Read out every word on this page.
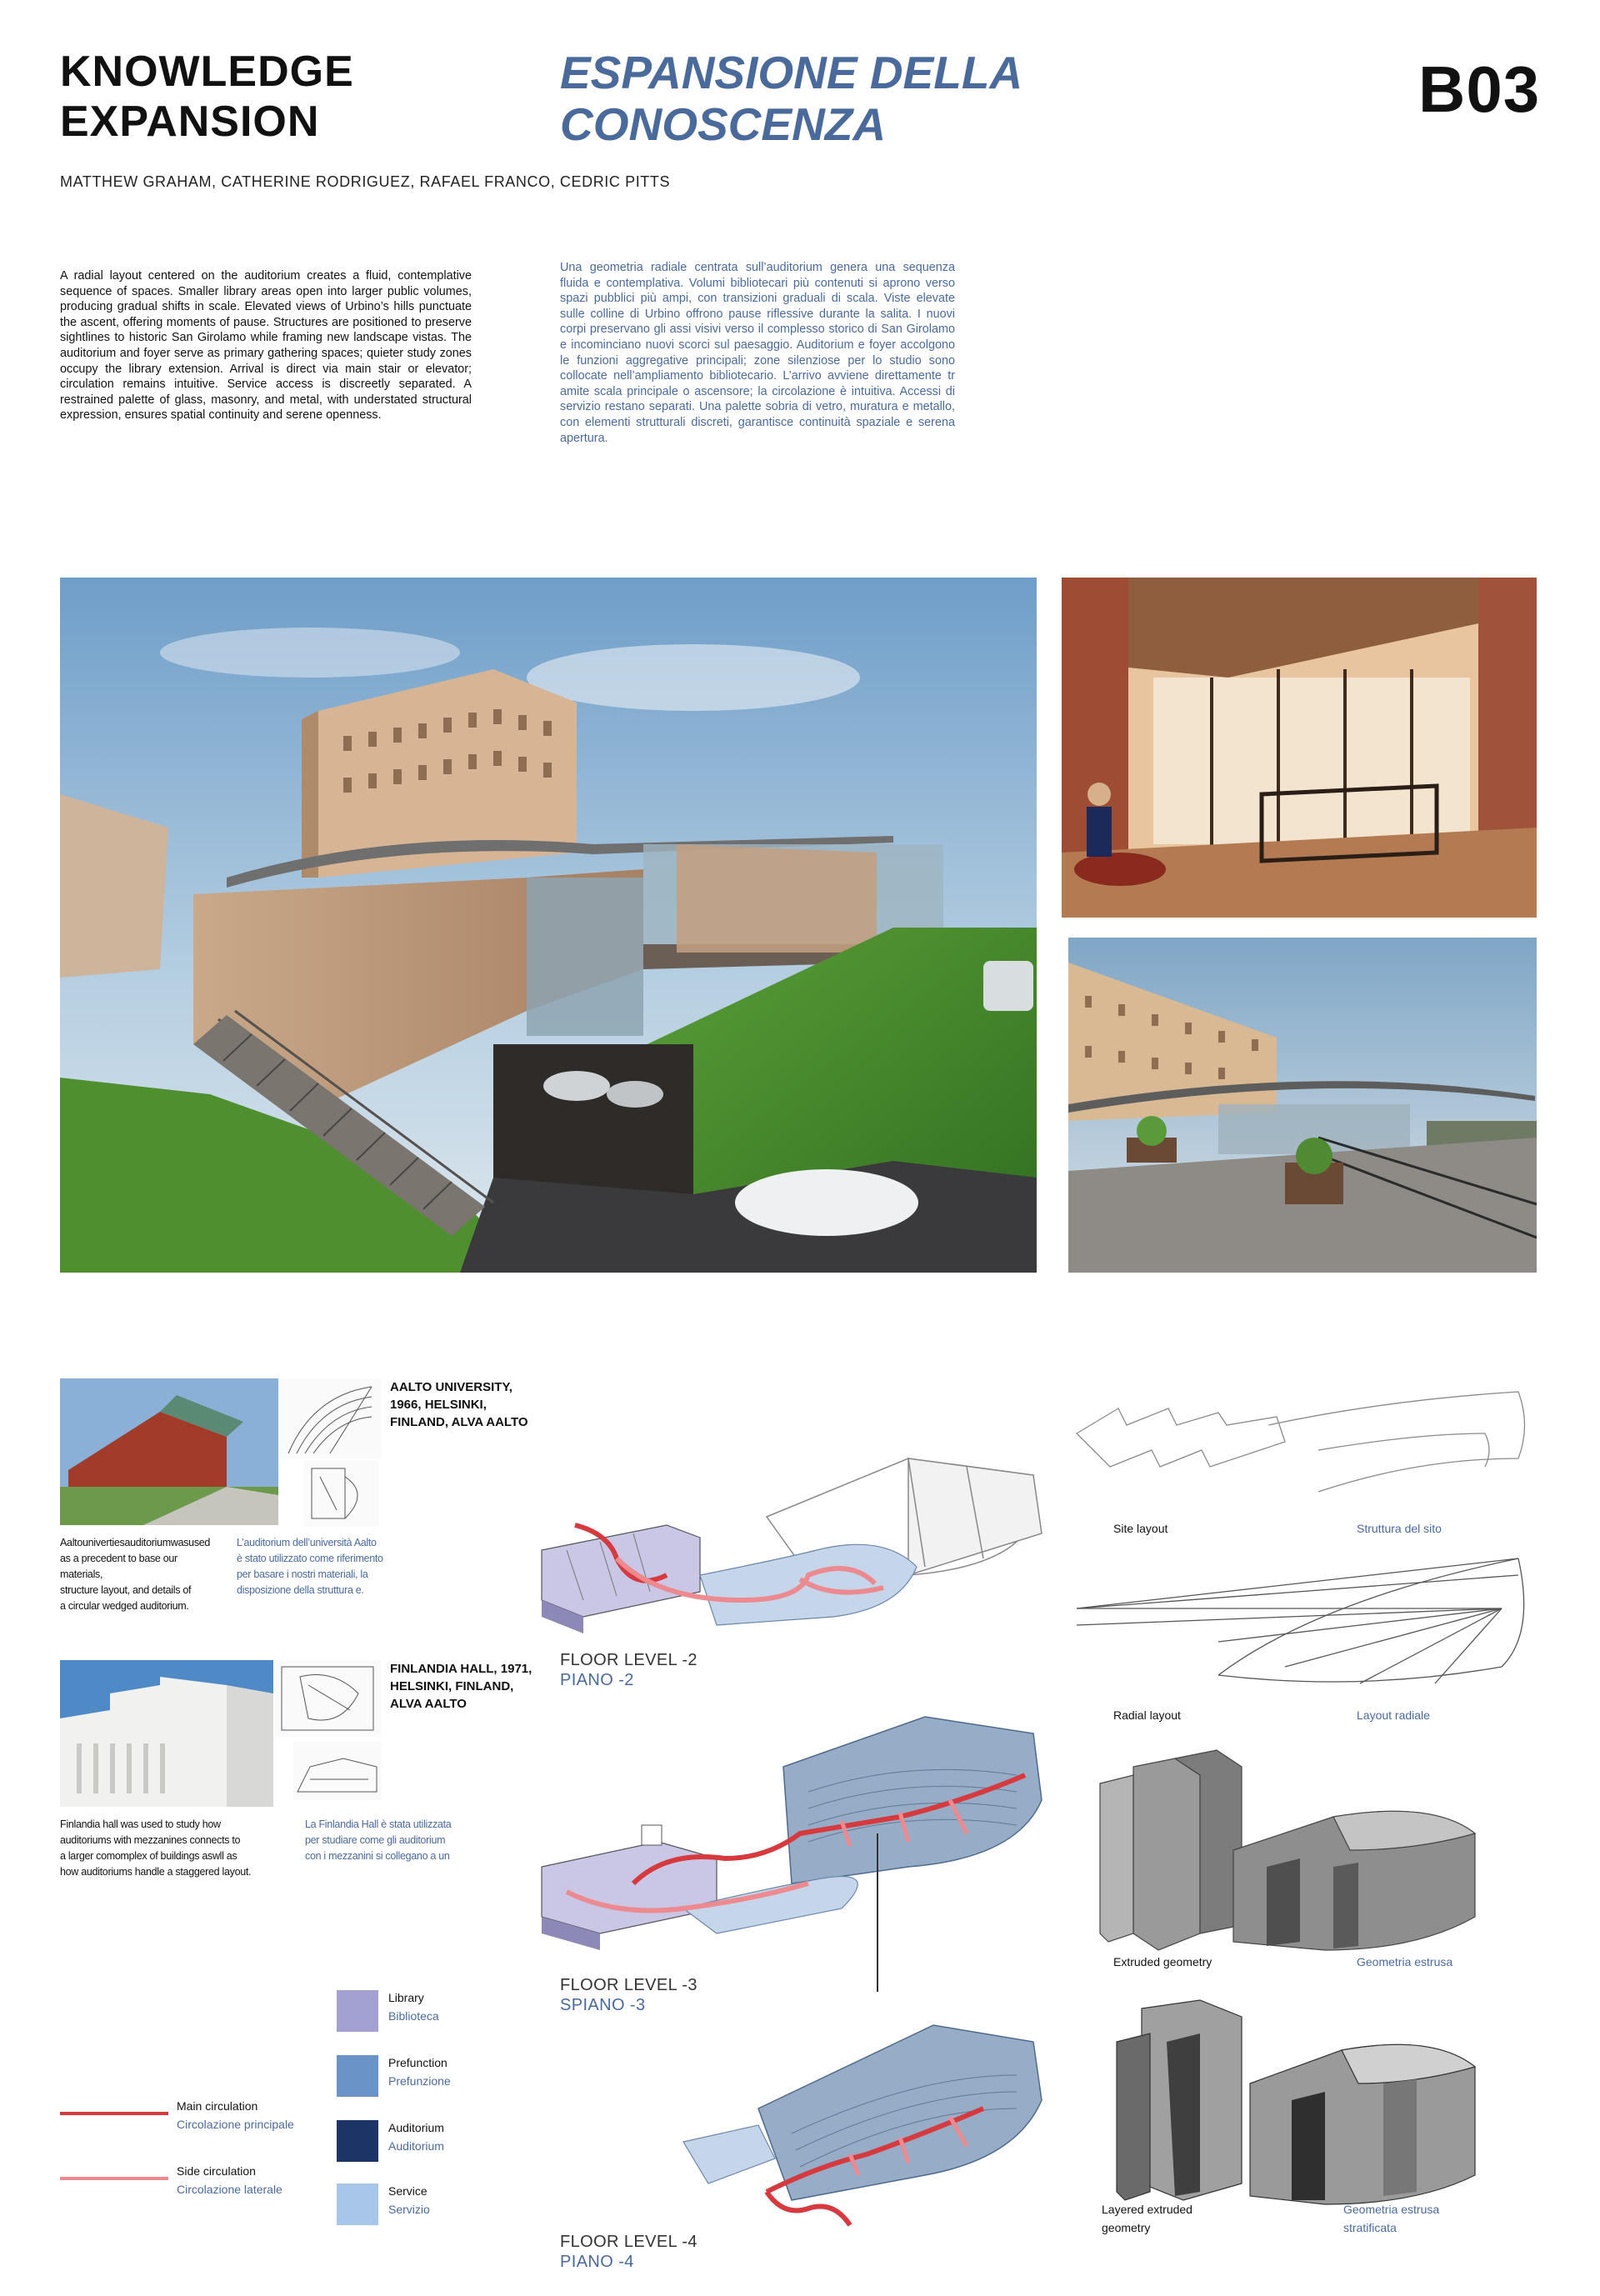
KNOWLEDGE
EXPANSION
ESPANSIONE DELLA
CONOSCENZA	B03
MATTHEW GRAHAM, CATHERINE RODRIGUEZ, RAFAEL FRANCO, CEDRIC PITTS
A radial layout centered on the auditorium creates a fluid, contemplative sequence of spaces. Smaller library areas open into larger public volumes, producing gradual shifts in scale. Elevated views of Urbino’s hills punctuate the ascent, offering moments of pause. Structures are positioned to preserve sightlines to historic San Girolamo while framing new landscape vistas. The auditorium and foyer serve as primary gathering spaces; quieter study zones occupy the library extension. Arrival is direct via main stair or elevator; circulation remains intuitive. Service access is discreetly separated. A restrained palette of glass, masonry, and metal, with understated structural expression, ensures spatial continuity and serene openness.
Una geometria radiale centrata sull’auditorium genera una sequenza fluida e contemplativa. Volumi bibliotecari più contenuti si aprono verso spazi pubblici più ampi, con transizioni graduali di scala. Viste elevate sulle colline di Urbino offrono pause riflessive durante la salita. I nuovi corpi preservano gli assi visivi verso il complesso storico di San Girolamo e incominciano nuovi scorci sul paesaggio. Auditorium e foyer accolgono le funzioni aggregative principali; zone silenziose per lo studio sono collocate nell’ampliamento bibliotecario. L’arrivo avviene direttamente tr amite scala principale o ascensore; la circolazione è intuitiva. Accessi di servizio restano separati. Una palette sobria di vetro, muratura e metallo, con elementi strutturali discreti, garantisce continuità spaziale e serena apertura.
AALTO UNIVERSITY,
1966, HELSINKI,
FINLAND, ALVA AALTO
Aaltounivertiesauditoriumwasused
as a precedent to base our materials,
structure layout, and details of
a circular wedged auditorium.
L’auditorium dell’università Aalto
è stato utilizzato come riferimento
per basare i nostri materiali, la
disposizione della struttura e.
FINLANDIA HALL, 1971,
HELSINKI, FINLAND,
ALVA AALTO
Finlandia hall was used to study how
auditoriums with mezzanines connects to
a larger comomplex of buildings aswll as
how auditoriums handle a staggered layout.
La Finlandia Hall è stata utilizzata
per studiare come gli auditorium
con i mezzanini si collegano a un
Main circulation
Circolazione principale
Side circulation
Circolazione laterale
Library
Biblioteca
Prefunction
Prefunzione
Auditorium
Auditorium
Service
Servizio
FLOOR LEVEL -2
PIANO -2
FLOOR LEVEL -3
SPIANO -3
FLOOR LEVEL -4
PIANO -4
Site layout	Struttura del sito
Radial layout	Layout radiale
Extruded geometry	Geometria estrusa
Layered extruded
geometry
Geometria estrusa
stratificata
